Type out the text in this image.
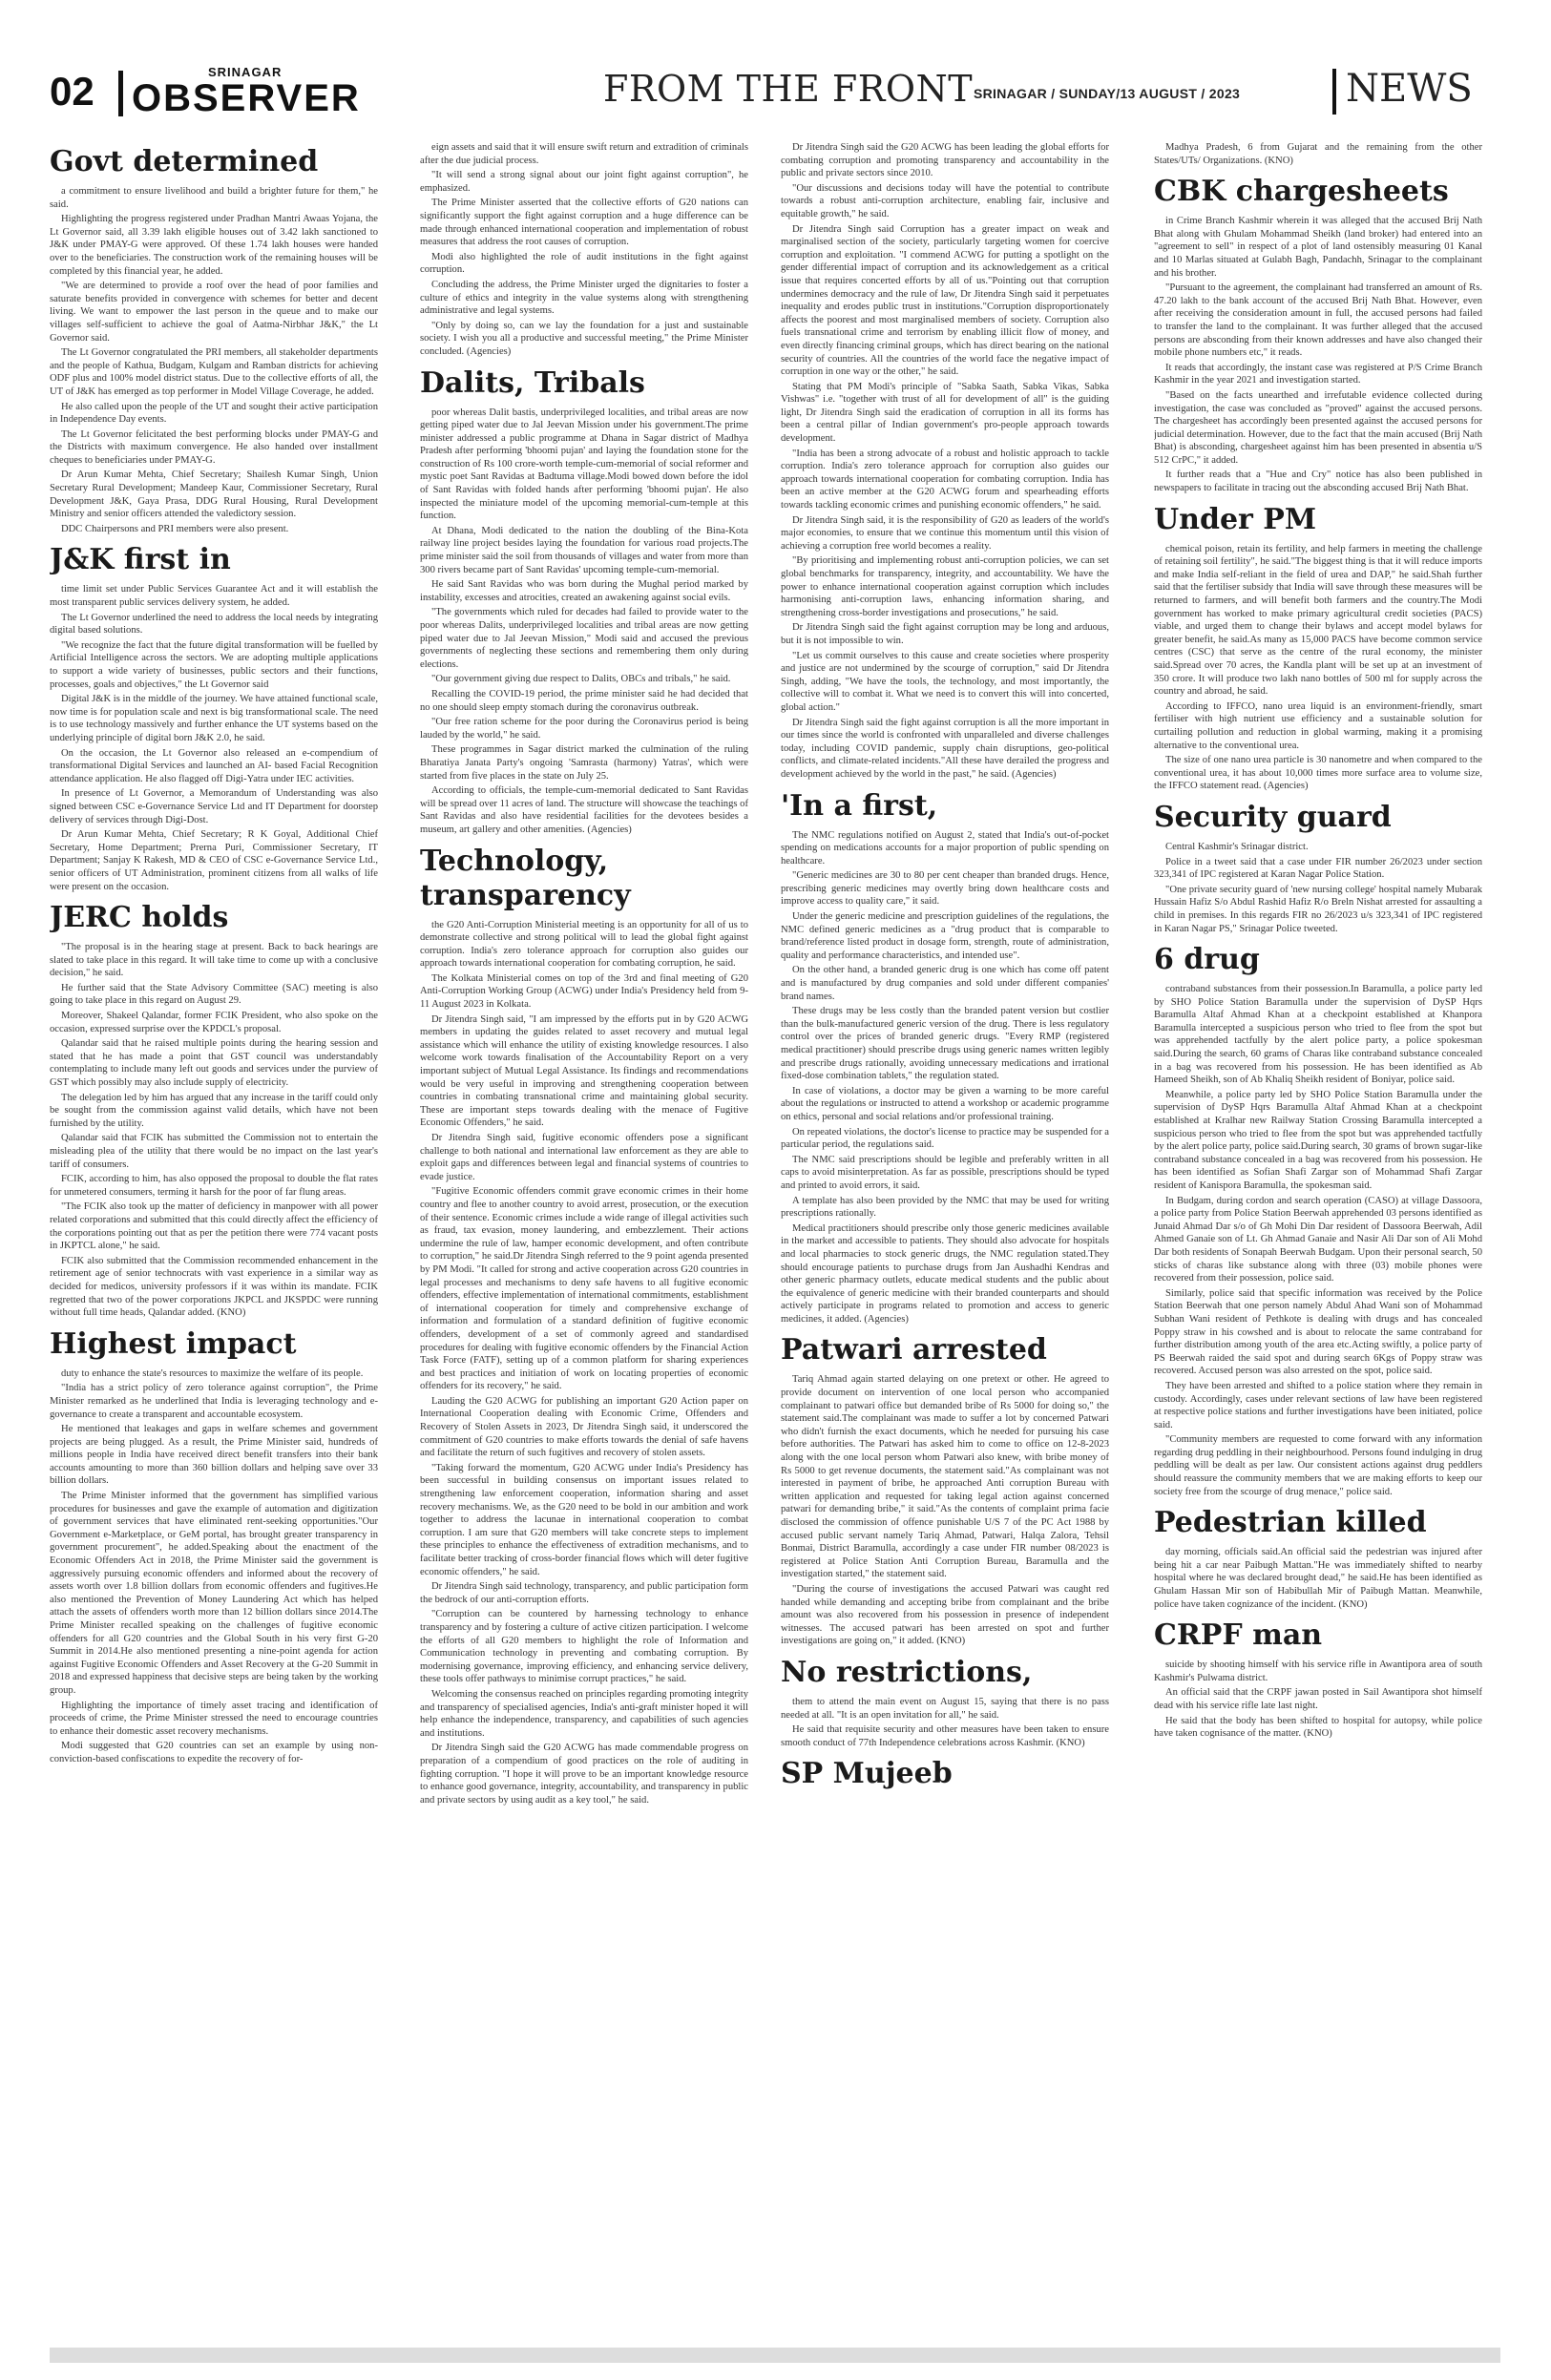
02	SRINAGAR
OBSERVER	FROM THE FRONT SRINAGAR / SUNDAY/13 AUGUST / 2023	NEWS
Govt determined

a commitment to ensure livelihood and build a brighter future for them," he said.

Highlighting the progress registered under Pradhan Mantri Awaas Yojana, the Lt Governor said, all 3.39 lakh eligible houses out of 3.42 lakh sanctioned to J&K under PMAY-G were approved. Of these 1.74 lakh houses were handed over to the beneficiaries. The construction work of the remaining houses will be completed by this financial year, he added.

"We are determined to provide a roof over the head of poor families and saturate benefits provided in convergence with schemes for better and decent living. We want to empower the last person in the queue and to make our villages self-sufficient to achieve the goal of Aatma-Nirbhar J&K," the Lt Governor said.

The Lt Governor congratulated the PRI members, all stakeholder departments and the people of Kathua, Budgam, Kulgam and Ramban districts for achieving ODF plus and 100% model district status. Due to the collective efforts of all, the UT of J&K has emerged as top performer in Model Village Coverage, he added.

He also called upon the people of the UT and sought their active participation in Independence Day events.

The Lt Governor felicitated the best performing blocks under PMAY-G and the Districts with maximum convergence. He also handed over installment cheques to beneficiaries under PMAY-G.

Dr Arun Kumar Mehta, Chief Secretary; Shailesh Kumar Singh, Union Secretary Rural Development; Mandeep Kaur, Commissioner Secretary, Rural Development J&K, Gaya Prasa, DDG Rural Housing, Rural Development Ministry and senior officers attended the valedictory session.

DDC Chairpersons and PRI members were also present.

J&K first in

time limit set under Public Services Guarantee Act and it will establish the most transparent public services delivery system, he added.

The Lt Governor underlined the need to address the local needs by integrating digital based solutions.

"We recognize the fact that the future digital transformation will be fuelled by Artificial Intelligence across the sectors. We are adopting multiple applications to support a wide variety of businesses, public sectors and their functions, processes, goals and objectives," the Lt Governor said

Digital J&K is in the middle of the journey. We have attained functional scale, now time is for population scale and next is big transformational scale. The need is to use technology massively and further enhance the UT systems based on the underlying principle of digital born J&K 2.0, he said.

On the occasion, the Lt Governor also released an e-compendium of transformational Digital Services and launched an AI- based Facial Recognition attendance application. He also flagged off Digi-Yatra under IEC activities.

In presence of Lt Governor, a Memorandum of Understanding was also signed between CSC e-Governance Service Ltd and IT Department for doorstep delivery of services through Digi-Dost.

Dr Arun Kumar Mehta, Chief Secretary; R K Goyal, Additional Chief Secretary, Home Department; Prerna Puri, Commissioner Secretary, IT Department; Sanjay K Rakesh, MD & CEO of CSC e-Governance Service Ltd., senior officers of UT Administration, prominent citizens from all walks of life were present on the occasion.

JERC holds

"The proposal is in the hearing stage at present. Back to back hearings are slated to take place in this regard. It will take time to come up with a conclusive decision," he said.

He further said that the State Advisory Committee (SAC) meeting is also going to take place in this regard on August 29.

Moreover, Shakeel Qalandar, former FCIK President, who also spoke on the occasion, expressed surprise over the KPDCL's proposal.

Qalandar said that he raised multiple points during the hearing session and stated that he has made a point that GST council was understandably contemplating to include many left out goods and services under the purview of GST which possibly may also include supply of electricity.

The delegation led by him has argued that any increase in the tariff could only be sought from the commission against valid details, which have not been furnished by the utility.

Qalandar said that FCIK has submitted the Commission not to entertain the misleading plea of the utility that there would be no impact on the last year's tariff of consumers.

FCIK, according to him, has also opposed the proposal to double the flat rates for unmetered consumers, terming it harsh for the poor of far flung areas.

"The FCIK also took up the matter of deficiency in manpower with all power related corporations and submitted that this could directly affect the efficiency of the corporations pointing out that as per the petition there were 774 vacant posts in JKPTCL alone," he said.

FCIK also submitted that the Commission recommended enhancement in the retirement age of senior technocrats with vast experience in a similar way as decided for medicos, university professors if it was within its mandate. FCIK regretted that two of the power corporations JKPCL and JKSPDC were running without full time heads, Qalandar added. (KNO)

Highest impact

duty to enhance the state's resources to maximize the welfare of its people.

"India has a strict policy of zero tolerance against corruption", the Prime Minister remarked as he underlined that India is leveraging technology and e-governance to create a transparent and accountable ecosystem.

He mentioned that leakages and gaps in welfare schemes and government projects are being plugged. As a result, the Prime Minister said, hundreds of millions people in India have received direct benefit transfers into their bank accounts amounting to more than 360 billion dollars and helping save over 33 billion dollars.

The Prime Minister informed that the government has simplified various procedures for businesses and gave the example of automation and digitization of government services that have eliminated rent-seeking opportunities."Our Government e-Marketplace, or GeM portal, has brought greater transparency in government procurement", he added.Speaking about the enactment of the Economic Offenders Act in 2018, the Prime Minister said the government is aggressively pursuing economic offenders and informed about the recovery of assets worth over 1.8 billion dollars from economic offenders and fugitives.He also mentioned the Prevention of Money Laundering Act which has helped attach the assets of offenders worth more than 12 billion dollars since 2014.The Prime Minister recalled speaking on the challenges of fugitive economic offenders for all G20 countries and the Global South in his very first G-20 Summit in 2014.He also mentioned presenting a nine-point agenda for action against Fugitive Economic Offenders and Asset Recovery at the G-20 Summit in 2018 and expressed happiness that decisive steps are being taken by the working group.

Highlighting the importance of timely asset tracing and identification of proceeds of crime, the Prime Minister stressed the need to encourage countries to enhance their domestic asset recovery mechanisms.

Modi suggested that G20 countries can set an example by using non-conviction-based confiscations to expedite the recovery of for-

eign assets and said that it will ensure swift return and extradition of criminals after the due judicial process.

"It will send a strong signal about our joint fight against corruption", he emphasized.

The Prime Minister asserted that the collective efforts of G20 nations can significantly support the fight against corruption and a huge difference can be made through enhanced international cooperation and implementation of robust measures that address the root causes of corruption.

Modi also highlighted the role of audit institutions in the fight against corruption.

Concluding the address, the Prime Minister urged the dignitaries to foster a culture of ethics and integrity in the value systems along with strengthening administrative and legal systems.

"Only by doing so, can we lay the foundation for a just and sustainable society. I wish you all a productive and successful meeting," the Prime Minister concluded. (Agencies)

Dalits, Tribals

poor whereas Dalit bastis, underprivileged localities, and tribal areas are now getting piped water due to Jal Jeevan Mission under his government.The prime minister addressed a public programme at Dhana in Sagar district of Madhya Pradesh after performing 'bhoomi pujan' and laying the foundation stone for the construction of Rs 100 crore-worth temple-cum-memorial of social reformer and mystic poet Sant Ravidas at Badtuma village.Modi bowed down before the idol of Sant Ravidas with folded hands after performing 'bhoomi pujan'. He also inspected the miniature model of the upcoming memorial-cum-temple at this function.

At Dhana, Modi dedicated to the nation the doubling of the Bina-Kota railway line project besides laying the foundation for various road projects.The prime minister said the soil from thousands of villages and water from more than 300 rivers became part of Sant Ravidas' upcoming temple-cum-memorial.

He said Sant Ravidas who was born during the Mughal period marked by instability, excesses and atrocities, created an awakening against social evils.

"The governments which ruled for decades had failed to provide water to the poor whereas Dalits, underprivileged localities and tribal areas are now getting piped water due to Jal Jeevan Mission," Modi said and accused the previous governments of neglecting these sections and remembering them only during elections.

"Our government giving due respect to Dalits, OBCs and tribals," he said.

Recalling the COVID-19 period, the prime minister said he had decided that no one should sleep empty stomach during the coronavirus outbreak.

"Our free ration scheme for the poor during the Coronavirus period is being lauded by the world," he said.

These programmes in Sagar district marked the culmination of the ruling Bharatiya Janata Party's ongoing 'Samrasta (harmony) Yatras', which were started from five places in the state on July 25.

According to officials, the temple-cum-memorial dedicated to Sant Ravidas will be spread over 11 acres of land. The structure will showcase the teachings of Sant Ravidas and also have residential facilities for the devotees besides a museum, art gallery and other amenities. (Agencies)

Technology, transparency

the G20 Anti-Corruption Ministerial meeting is an opportunity for all of us to demonstrate collective and strong political will to lead the global fight against corruption. India's zero tolerance approach for corruption also guides our approach towards international cooperation for combating corruption, he said.

The Kolkata Ministerial comes on top of the 3rd and final meeting of G20 Anti-Corruption Working Group (ACWG) under India's Presidency held from 9-11 August 2023 in Kolkata.

Dr Jitendra Singh said, "I am impressed by the efforts put in by G20 ACWG members in updating the guides related to asset recovery and mutual legal assistance which will enhance the utility of existing knowledge resources. I also welcome work towards finalisation of the Accountability Report on a very important subject of Mutual Legal Assistance. Its findings and recommendations would be very useful in improving and strengthening cooperation between countries in combating transnational crime and maintaining global security. These are important steps towards dealing with the menace of Fugitive Economic Offenders," he said.

Dr Jitendra Singh said, fugitive economic offenders pose a significant challenge to both national and international law enforcement as they are able to exploit gaps and differences between legal and financial systems of countries to evade justice.

"Fugitive Economic offenders commit grave economic crimes in their home country and flee to another country to avoid arrest, prosecution, or the execution of their sentence. Economic crimes include a wide range of illegal activities such as fraud, tax evasion, money laundering, and embezzlement. Their actions undermine the rule of law, hamper economic development, and often contribute to corruption," he said.Dr Jitendra Singh referred to the 9 point agenda presented by PM Modi. "It called for strong and active cooperation across G20 countries in legal processes and mechanisms to deny safe havens to all fugitive economic offenders, effective implementation of international commitments, establishment of international cooperation for timely and comprehensive exchange of information and formulation of a standard definition of fugitive economic offenders, development of a set of commonly agreed and standardised procedures for dealing with fugitive economic offenders by the Financial Action Task Force (FATF), setting up of a common platform for sharing experiences and best practices and initiation of work on locating properties of economic offenders for its recovery," he said.

Lauding the G20 ACWG for publishing an important G20 Action paper on International Cooperation dealing with Economic Crime, Offenders and Recovery of Stolen Assets in 2023, Dr Jitendra Singh said, it underscored the commitment of G20 countries to make efforts towards the denial of safe havens and facilitate the return of such fugitives and recovery of stolen assets.

"Taking forward the momentum, G20 ACWG under India's Presidency has been successful in building consensus on important issues related to strengthening law enforcement cooperation, information sharing and asset recovery mechanisms. We, as the G20 need to be bold in our ambition and work together to address the lacunae in international cooperation to combat corruption. I am sure that G20 members will take concrete steps to implement these principles to enhance the effectiveness of extradition mechanisms, and to facilitate better tracking of cross-border financial flows which will deter fugitive economic offenders," he said.

Dr Jitendra Singh said technology, transparency, and public participation form the bedrock of our anti-corruption efforts.

"Corruption can be countered by harnessing technology to enhance transparency and by fostering a culture of active citizen participation. I welcome the efforts of all G20 members to highlight the role of Information and Communication technology in preventing and combating corruption. By modernising governance, improving efficiency, and enhancing service delivery, these tools offer pathways to minimise corrupt practices," he said.

Welcoming the consensus reached on principles regarding promoting integrity and transparency of specialised agencies, India's anti-graft minister hoped it will help enhance the independence, transparency, and capabilities of such agencies and institutions.

Dr Jitendra Singh said the G20 ACWG has made commendable progress on preparation of a compendium of good practices on the role of auditing in fighting corruption. "I hope it will prove to be an important knowledge resource to enhance good governance, integrity, accountability, and transparency in public and private sectors by using audit as a key tool," he said.

Dr Jitendra Singh said the G20 ACWG has been leading the global efforts for combating corruption and promoting transparency and accountability in the public and private sectors since 2010.

"Our discussions and decisions today will have the potential to contribute towards a robust anti-corruption architecture, enabling fair, inclusive and equitable growth," he said.

Dr Jitendra Singh said Corruption has a greater impact on weak and marginalised section of the society, particularly targeting women for coercive corruption and exploitation. "I commend ACWG for putting a spotlight on the gender differential impact of corruption and its acknowledgement as a critical issue that requires concerted efforts by all of us."Pointing out that corruption undermines democracy and the rule of law, Dr Jitendra Singh said it perpetuates inequality and erodes public trust in institutions."Corruption disproportionately affects the poorest and most marginalised members of society. Corruption also fuels transnational crime and terrorism by enabling illicit flow of money, and even directly financing criminal groups, which has direct bearing on the national security of countries. All the countries of the world face the negative impact of corruption in one way or the other," he said.

Stating that PM Modi's principle of "Sabka Saath, Sabka Vikas, Sabka Vishwas" i.e. "together with trust of all for development of all" is the guiding light, Dr Jitendra Singh said the eradication of corruption in all its forms has been a central pillar of Indian government's pro-people approach towards development.

"India has been a strong advocate of a robust and holistic approach to tackle corruption. India's zero tolerance approach for corruption also guides our approach towards international cooperation for combating corruption. India has been an active member at the G20 ACWG forum and spearheading efforts towards tackling economic crimes and punishing economic offenders," he said.

Dr Jitendra Singh said, it is the responsibility of G20 as leaders of the world's major economies, to ensure that we continue this momentum until this vision of achieving a corruption free world becomes a reality.

"By prioritising and implementing robust anti-corruption policies, we can set global benchmarks for transparency, integrity, and accountability. We have the power to enhance international cooperation against corruption which includes harmonising anti-corruption laws, enhancing information sharing, and strengthening cross-border investigations and prosecutions," he said.

Dr Jitendra Singh said the fight against corruption may be long and arduous, but it is not impossible to win.

"Let us commit ourselves to this cause and create societies where prosperity and justice are not undermined by the scourge of corruption," said Dr Jitendra Singh, adding, "We have the tools, the technology, and most importantly, the collective will to combat it. What we need is to convert this will into concerted, global action."

Dr Jitendra Singh said the fight against corruption is all the more important in our times since the world is confronted with unparalleled and diverse challenges today, including COVID pandemic, supply chain disruptions, geo-political conflicts, and climate-related incidents."All these have derailed the progress and development achieved by the world in the past," he said. (Agencies)

'In a first,

The NMC regulations notified on August 2, stated that India's out-of-pocket spending on medications accounts for a major proportion of public spending on healthcare.

"Generic medicines are 30 to 80 per cent cheaper than branded drugs. Hence, prescribing generic medicines may overtly bring down healthcare costs and improve access to quality care," it said.

Under the generic medicine and prescription guidelines of the regulations, the NMC defined generic medicines as a "drug product that is comparable to brand/reference listed product in dosage form, strength, route of administration, quality and performance characteristics, and intended use".

On the other hand, a branded generic drug is one which has come off patent and is manufactured by drug companies and sold under different companies' brand names.

These drugs may be less costly than the branded patent version but costlier than the bulk-manufactured generic version of the drug. There is less regulatory control over the prices of branded generic drugs. "Every RMP (registered medical practitioner) should prescribe drugs using generic names written legibly and prescribe drugs rationally, avoiding unnecessary medications and irrational fixed-dose combination tablets," the regulation stated.

In case of violations, a doctor may be given a warning to be more careful about the regulations or instructed to attend a workshop or academic programme on ethics, personal and social relations and/or professional training.

On repeated violations, the doctor's license to practice may be suspended for a particular period, the regulations said.

The NMC said prescriptions should be legible and preferably written in all caps to avoid misinterpretation. As far as possible, prescriptions should be typed and printed to avoid errors, it said.

A template has also been provided by the NMC that may be used for writing prescriptions rationally.

Medical practitioners should prescribe only those generic medicines available in the market and accessible to patients. They should also advocate for hospitals and local pharmacies to stock generic drugs, the NMC regulation stated.They should encourage patients to purchase drugs from Jan Aushadhi Kendras and other generic pharmacy outlets, educate medical students and the public about the equivalence of generic medicine with their branded counterparts and should actively participate in programs related to promotion and access to generic medicines, it added. (Agencies)

Patwari arrested

Tariq Ahmad again started delaying on one pretext or other. He agreed to provide document on intervention of one local person who accompanied complainant to patwari office but demanded bribe of Rs 5000 for doing so," the statement said.The complainant was made to suffer a lot by concerned Patwari who didn't furnish the exact documents, which he needed for pursuing his case before authorities. The Patwari has asked him to come to office on 12-8-2023 along with the one local person whom Patwari also knew, with bribe money of Rs 5000 to get revenue documents, the statement said."As complainant was not interested in payment of bribe, he approached Anti corruption Bureau with written application and requested for taking legal action against concerned patwari for demanding bribe," it said."As the contents of complaint prima facie disclosed the commission of offence punishable U/S 7 of the PC Act 1988 by accused public servant namely Tariq Ahmad, Patwari, Halqa Zalora, Tehsil Bonmai, District Baramulla, accordingly a case under FIR number 08/2023 is registered at Police Station Anti Corruption Bureau, Baramulla and the investigation started," the statement said.

"During the course of investigations the accused Patwari was caught red handed while demanding and accepting bribe from complainant and the bribe amount was also recovered from his possession in presence of independent witnesses. The accused patwari has been arrested on spot and further investigations are going on," it added. (KNO)

No restrictions,

them to attend the main event on August 15, saying that there is no pass needed at all. "It is an open invitation for all," he said.

He said that requisite security and other measures have been taken to ensure smooth conduct of 77th Independence celebrations across Kashmir. (KNO)

SP Mujeeb

Madhya Pradesh, 6 from Gujarat and the remaining from the other States/UTs/ Organizations. (KNO)

CBK chargesheets

in Crime Branch Kashmir wherein it was alleged that the accused Brij Nath Bhat along with Ghulam Mohammad Sheikh (land broker) had entered into an "agreement to sell" in respect of a plot of land ostensibly measuring 01 Kanal and 10 Marlas situated at Gulabh Bagh, Pandachh, Srinagar to the complainant and his brother.

"Pursuant to the agreement, the complainant had transferred an amount of Rs. 47.20 lakh to the bank account of the accused Brij Nath Bhat. However, even after receiving the consideration amount in full, the accused persons had failed to transfer the land to the complainant. It was further alleged that the accused persons are absconding from their known addresses and have also changed their mobile phone numbers etc," it reads.

It reads that accordingly, the instant case was registered at P/S Crime Branch Kashmir in the year 2021 and investigation started.

"Based on the facts unearthed and irrefutable evidence collected during investigation, the case was concluded as "proved" against the accused persons. The chargesheet has accordingly been presented against the accused persons for judicial determination. However, due to the fact that the main accused (Brij Nath Bhat) is absconding, chargesheet against him has been presented in absentia u/S 512 CrPC," it added.

It further reads that a "Hue and Cry" notice has also been published in newspapers to facilitate in tracing out the absconding accused Brij Nath Bhat.

Under PM

chemical poison, retain its fertility, and help farmers in meeting the challenge of retaining soil fertility", he said."The biggest thing is that it will reduce imports and make India self-reliant in the field of urea and DAP," he said.Shah further said that the fertiliser subsidy that India will save through these measures will be returned to farmers, and will benefit both farmers and the country.The Modi government has worked to make primary agricultural credit societies (PACS) viable, and urged them to change their bylaws and accept model bylaws for greater benefit, he said.As many as 15,000 PACS have become common service centres (CSC) that serve as the centre of the rural economy, the minister said.Spread over 70 acres, the Kandla plant will be set up at an investment of 350 crore. It will produce two lakh nano bottles of 500 ml for supply across the country and abroad, he said.

According to IFFCO, nano urea liquid is an environment-friendly, smart fertiliser with high nutrient use efficiency and a sustainable solution for curtailing pollution and reduction in global warming, making it a promising alternative to the conventional urea.

The size of one nano urea particle is 30 nanometre and when compared to the conventional urea, it has about 10,000 times more surface area to volume size, the IFFCO statement read. (Agencies)

Security guard

Central Kashmir's Srinagar district.

Police in a tweet said that a case under FIR number 26/2023 under section 323,341 of IPC registered at Karan Nagar Police Station.

"One private security guard of 'new nursing college' hospital namely Mubarak Hussain Hafiz S/o Abdul Rashid Hafiz R/o Breln Nishat arrested for assaulting a child in premises. In this regards FIR no 26/2023 u/s 323,341 of IPC registered in Karan Nagar PS," Srinagar Police tweeted.

6 drug

contraband substances from their possession.In Baramulla, a police party led by SHO Police Station Baramulla under the supervision of DySP Hqrs Baramulla Altaf Ahmad Khan at a checkpoint established at Khanpora Baramulla intercepted a suspicious person who tried to flee from the spot but was apprehended tactfully by the alert police party, a police spokesman said.During the search, 60 grams of Charas like contraband substance concealed in a bag was recovered from his possession. He has been identified as Ab Hameed Sheikh, son of Ab Khaliq Sheikh resident of Boniyar, police said.

Meanwhile, a police party led by SHO Police Station Baramulla under the supervision of DySP Hqrs Baramulla Altaf Ahmad Khan at a checkpoint established at Kralhar new Railway Station Crossing Baramulla intercepted a suspicious person who tried to flee from the spot but was apprehended tactfully by the alert police party, police said.During search, 30 grams of brown sugar-like contraband substance concealed in a bag was recovered from his possession. He has been identified as Sofian Shafi Zargar son of Mohammad Shafi Zargar resident of Kanispora Baramulla, the spokesman said.

In Budgam, during cordon and search operation (CASO) at village Dassoora, a police party from Police Station Beerwah apprehended 03 persons identified as Junaid Ahmad Dar s/o of Gh Mohi Din Dar resident of Dassoora Beerwah, Adil Ahmed Ganaie son of Lt. Gh Ahmad Ganaie and Nasir Ali Dar son of Ali Mohd Dar both residents of Sonapah Beerwah Budgam. Upon their personal search, 50 sticks of charas like substance along with three (03) mobile phones were recovered from their possession, police said.

Similarly, police said that specific information was received by the Police Station Beerwah that one person namely Abdul Ahad Wani son of Mohammad Subhan Wani resident of Pethkote is dealing with drugs and has concealed Poppy straw in his cowshed and is about to relocate the same contraband for further distribution among youth of the area etc.Acting swiftly, a police party of PS Beerwah raided the said spot and during search 6Kgs of Poppy straw was recovered. Accused person was also arrested on the spot, police said.

They have been arrested and shifted to a police station where they remain in custody. Accordingly, cases under relevant sections of law have been registered at respective police stations and further investigations have been initiated, police said.

"Community members are requested to come forward with any information regarding drug peddling in their neighbourhood. Persons found indulging in drug peddling will be dealt as per law. Our consistent actions against drug peddlers should reassure the community members that we are making efforts to keep our society free from the scourge of drug menace," police said.

Pedestrian killed

day morning, officials said.An official said the pedestrian was injured after being hit a car near Paibugh Mattan."He was immediately shifted to nearby hospital where he was declared brought dead," he said.He has been identified as Ghulam Hassan Mir son of Habibullah Mir of Paibugh Mattan. Meanwhile, police have taken cognizance of the incident. (KNO)

CRPF man

suicide by shooting himself with his service rifle in Awantipora area of south Kashmir's Pulwama district.

An official said that the CRPF jawan posted in Sail Awantipora shot himself dead with his service rifle late last night.

He said that the body has been shifted to hospital for autopsy, while police have taken cognisance of the matter. (KNO)
